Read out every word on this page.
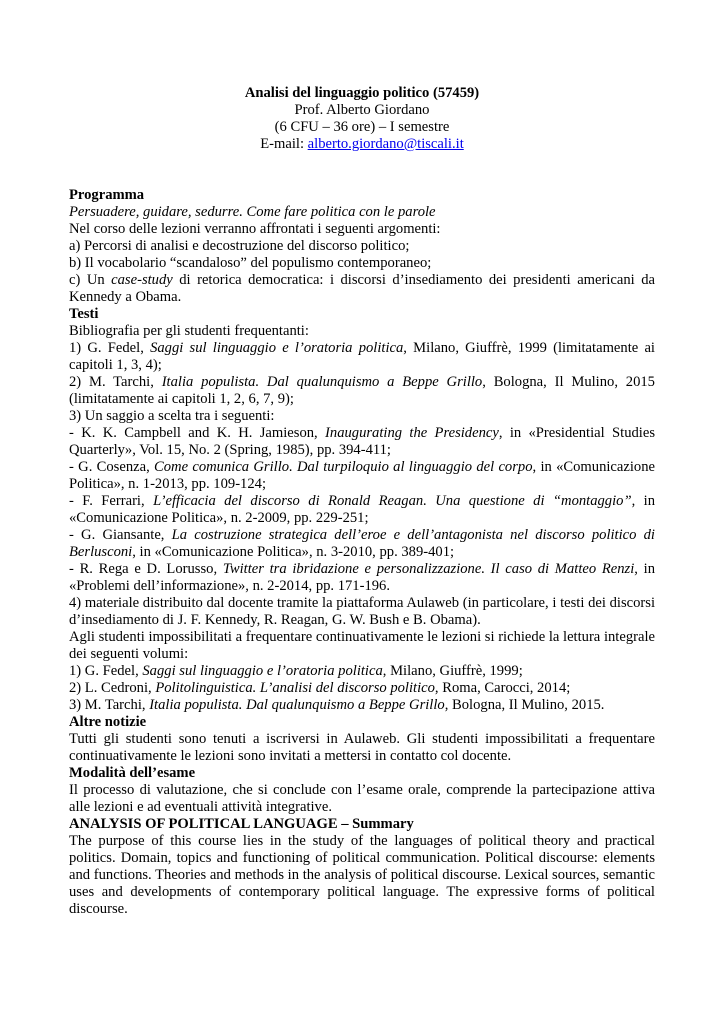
Analisi del linguaggio politico (57459)

Prof. Alberto Giordano

(6 CFU – 36 ore) – I semestre

E-mail: alberto.giordano@tiscali.it

Programma

Persuadere, guidare, sedurre. Come fare politica con le parole

Nel corso delle lezioni verranno affrontati i seguenti argomenti:

a) Percorsi di analisi e decostruzione del discorso politico;

b) Il vocabolario “scandaloso” del populismo contemporaneo;

c) Un case-study di retorica democratica: i discorsi d’insediamento dei presidenti americani da Kennedy a Obama.

Testi

Bibliografia per gli studenti frequentanti:

1) G. Fedel, Saggi sul linguaggio e l’oratoria politica, Milano, Giuffrè, 1999 (limitatamente ai capitoli 1, 3, 4);

2) M. Tarchi, Italia populista. Dal qualunquismo a Beppe Grillo, Bologna, Il Mulino, 2015 (limitatamente ai capitoli 1, 2, 6, 7, 9);

3) Un saggio a scelta tra i seguenti:

- K. K. Campbell and K. H. Jamieson, Inaugurating the Presidency, in «Presidential Studies Quarterly», Vol. 15, No. 2 (Spring, 1985), pp. 394-411;

- G. Cosenza, Come comunica Grillo. Dal turpiloquio al linguaggio del corpo, in «Comunicazione Politica», n. 1-2013, pp. 109-124;

- F. Ferrari, L’efficacia del discorso di Ronald Reagan. Una questione di “montaggio”, in «Comunicazione Politica», n. 2-2009, pp. 229-251;

- G. Giansante, La costruzione strategica dell’eroe e dell’antagonista nel discorso politico di Berlusconi, in «Comunicazione Politica», n. 3-2010, pp. 389-401;

- R. Rega e D. Lorusso, Twitter tra ibridazione e personalizzazione. Il caso di Matteo Renzi, in «Problemi dell’informazione», n. 2-2014, pp. 171-196.

4) materiale distribuito dal docente tramite la piattaforma Aulaweb (in particolare, i testi dei discorsi d’insediamento di J. F. Kennedy, R. Reagan, G. W. Bush e B. Obama).

Agli studenti impossibilitati a frequentare continuativamente le lezioni si richiede la lettura integrale dei seguenti volumi:

1) G. Fedel, Saggi sul linguaggio e l’oratoria politica, Milano, Giuffrè, 1999;

2) L. Cedroni, Politolinguistica. L’analisi del discorso politico, Roma, Carocci, 2014;

3) M. Tarchi, Italia populista. Dal qualunquismo a Beppe Grillo, Bologna, Il Mulino, 2015.

Altre notizie

Tutti gli studenti sono tenuti a iscriversi in Aulaweb. Gli studenti impossibilitati a frequentare continuativamente le lezioni sono invitati a mettersi in contatto col docente.

Modalità dell’esame

Il processo di valutazione, che si conclude con l’esame orale, comprende la partecipazione attiva alle lezioni e ad eventuali attività integrative.

ANALYSIS OF POLITICAL LANGUAGE – Summary

The purpose of this course lies in the study of the languages of political theory and practical politics. Domain, topics and functioning of political communication. Political discourse: elements and functions. Theories and methods in the analysis of political discourse. Lexical sources, semantic uses and developments of contemporary political language. The expressive forms of political discourse.
